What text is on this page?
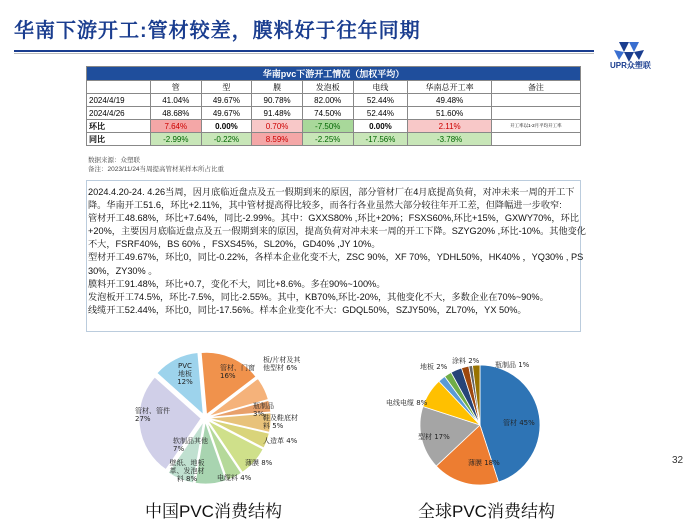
华南下游开工:管材较差，膜料好于往年同期
UPR众塑联
华南pvc下游开工情况（加权平均）							
	管	型	膜	发泡板	电线	华南总开工率	备注
2024/4/19	41.04%	49.67%	90.78%	82.00%	52.44%	49.48%	
2024/4/26	48.68%	49.67%	91.48%	74.50%	52.44%	51.60%	
环比	7.64%	0.00%	0.70%	-7.50%	0.00%	2.11%	开工率以1-2月平均开工率
同比	-2.99%	-0.22%	8.59%	-2.25%	-17.56%	-3.78%	
数据来源：众塑联
备注：2023/11/24当周提高管材某样本所占比重

2024.4.20-24. 4.26当周，因月底临近盘点及五一假期到来的原因，部分管材厂在4月底提高负荷，对冲未来一周的开工下降。华南开工51.6，环比+2.11%，其中管材提高得比较多，而各行各业虽然大部分较往年开工差，但降幅进一步收窄:

管材开工48.68%，环比+7.64%，同比-2.99%。其中：GXXS80% ,环比+20%；FSXS60%,环比+15%，GXWY70%，环比+20%，主要因月底临近盘点及五一假期到来的原因，提高负荷对冲未来一周的开工下降。SZYG20% ,环比-10%。其他变化不大，FSRF40%，BS 60% ，FSXS45%，SL20%，GD40% ,JY 10%。

型材开工49.67%，环比0，同比-0.22%，各样本企业化变不大，ZSC 90%，XF 70%，YDHL50%，HK40% ，YQ30% , PS 30%，ZY30% 。

膜料开工91.48%，环比+0.7，变化不大，同比+8.6%。多在90%~100%。

发泡板开工74.5%，环比-7.5%，同比-2.55%。其中，KB70%,环比-20%，其他变化不大，多数企业在70%~90%。

线缆开工52.44%，环比0，同比-17.56%。样本企业变化不大：GDQL50%，SZJY50%，ZL70%，YX 50%。

管材、门窗 16%
板/片材及其他型材 6%
瓶制品 3%
鞋及鞋底材料 5%
人造革 4%
薄膜 8%
电缆料 4%
壁纸、地板革、发泡材料 8%
软制品其他 7%
管材、管件 27%
PVC 地板 12%
中国PVC消费结构
管材 45%
薄膜 18%
型材 17%
电线电缆 8%
地板 2%
涂料 2% 瓶制品 1%
全球PVC消费结构
32
